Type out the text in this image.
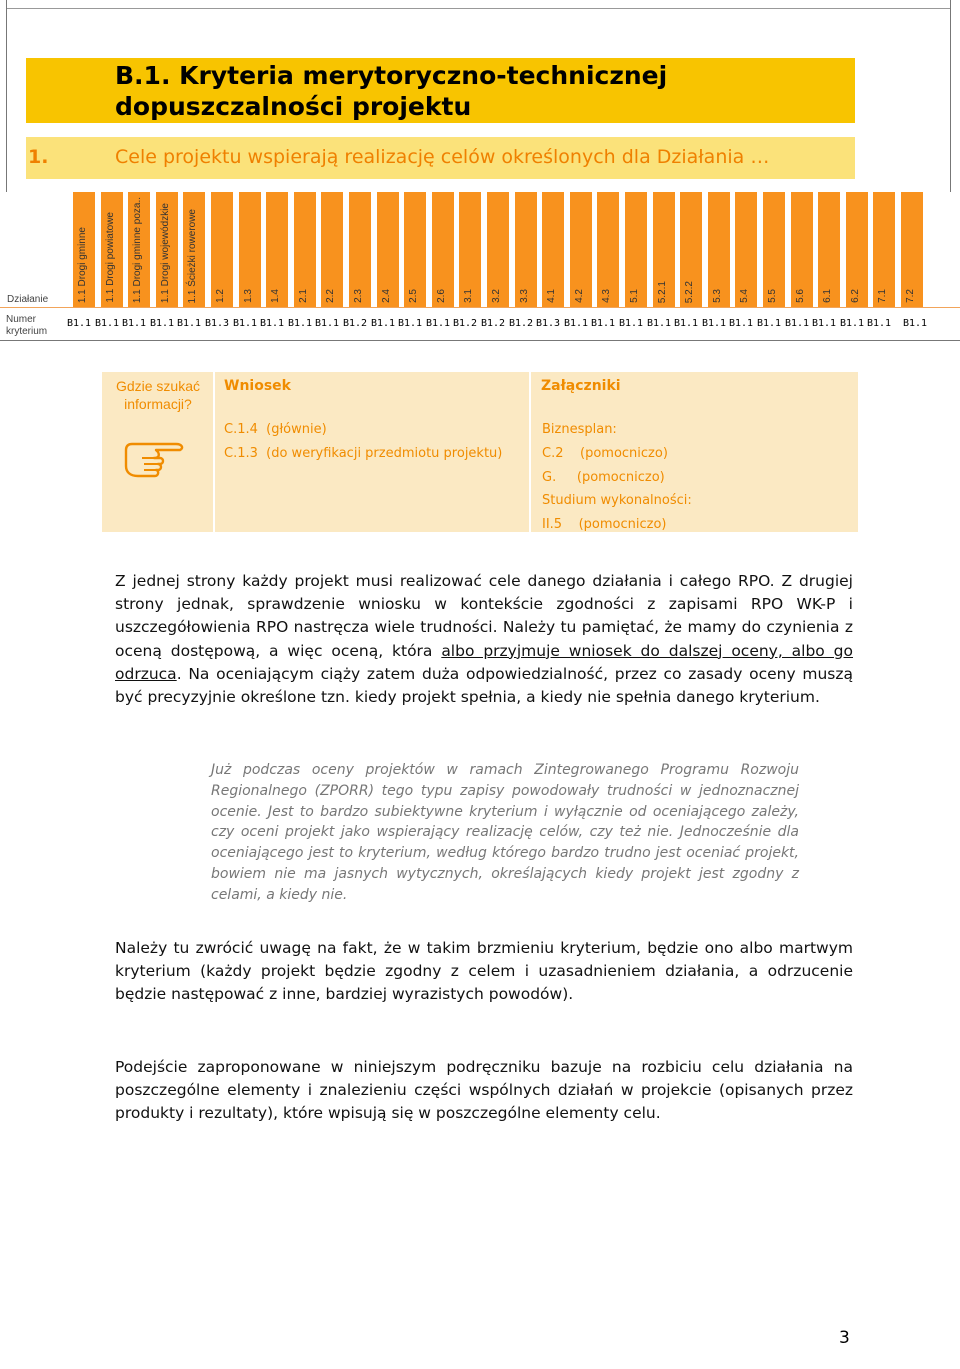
B.1. Kryteria merytoryczno-technicznej dopuszczalności projektu
1.	Cele projektu wspierają realizację celów określonych dla Działania …
Działanie
Numer kryterium
Gdzie szukać informacji?
Wniosek
C.1.4  (głównie)
C.1.3  (do weryfikacji przedmiotu projektu)
Załączniki
Biznesplan:
C.2    (pomocniczo)
G.     (pomocniczo)
Studium wykonalności:
II.5    (pomocniczo)
Z jednej strony każdy projekt musi realizować cele danego działania i całego RPO. Z drugiej strony jednak, sprawdzenie wniosku w kontekście zgodności z zapisami RPO WK-P i uszczegółowienia RPO nastręcza wiele trudności. Należy tu pamiętać, że mamy do czynienia z oceną dostępową, a więc oceną, która albo przyjmuje wniosek do dalszej oceny, albo go odrzuca. Na oceniającym ciąży zatem duża odpowiedzialność, przez co zasady oceny muszą być precyzyjnie określone tzn. kiedy projekt spełnia, a kiedy nie spełnia danego kryterium.
Już podczas oceny projektów w ramach Zintegrowanego Programu Rozwoju Regionalnego (ZPORR) tego typu zapisy powodowały trudności w jednoznacznej ocenie. Jest to bardzo subiektywne kryterium i wyłącznie od oceniającego zależy, czy oceni projekt jako wspierający realizację celów, czy też nie. Jednocześnie dla oceniającego jest to kryterium, według którego bardzo trudno jest oceniać projekt, bowiem nie ma jasnych wytycznych, określających kiedy projekt jest zgodny z celami, a kiedy nie.
Należy tu zwrócić uwagę na fakt, że w takim brzmieniu kryterium, będzie ono albo martwym kryterium (każdy projekt będzie zgodny z celem i uzasadnieniem działania, a odrzucenie będzie następować z inne, bardziej wyrazistych powodów).
Podejście zaproponowane w niniejszym podręczniku bazuje na rozbiciu celu działania na poszczególne elementy i znalezieniu części wspólnych działań w projekcie (opisanych przez produkty i rezultaty), które wpisują się w poszczególne elementy celu.
3
1.1 Drogi gminne
B1.1
1.1 Drogi powiatowe
B1.1
1.1 Drogi gminne poza..
B1.1
1.1 Drogi wojewódzkie
B1.1
1.1 Ścieżki rowerowe
B1.1
1.2
B1.3
1.3
B1.1
1.4
B1.1
2.1
B1.1
2.2
B1.1
2.3
B1.2
2.4
B1.1
2.5
B1.1
2.6
B1.1
3.1
B1.2
3.2
B1.2
3.3
B1.2
4.1
B1.3
4.2
B1.1
4.3
B1.1
5.1
B1.1
5.2.1
B1.1
5.2.2
B1.1
5.3
B1.1
5.4
B1.1
5.5
B1.1
5.6
B1.1
6.1
B1.1
6.2
B1.1
7.1
B1.1
7.2
B1.1
